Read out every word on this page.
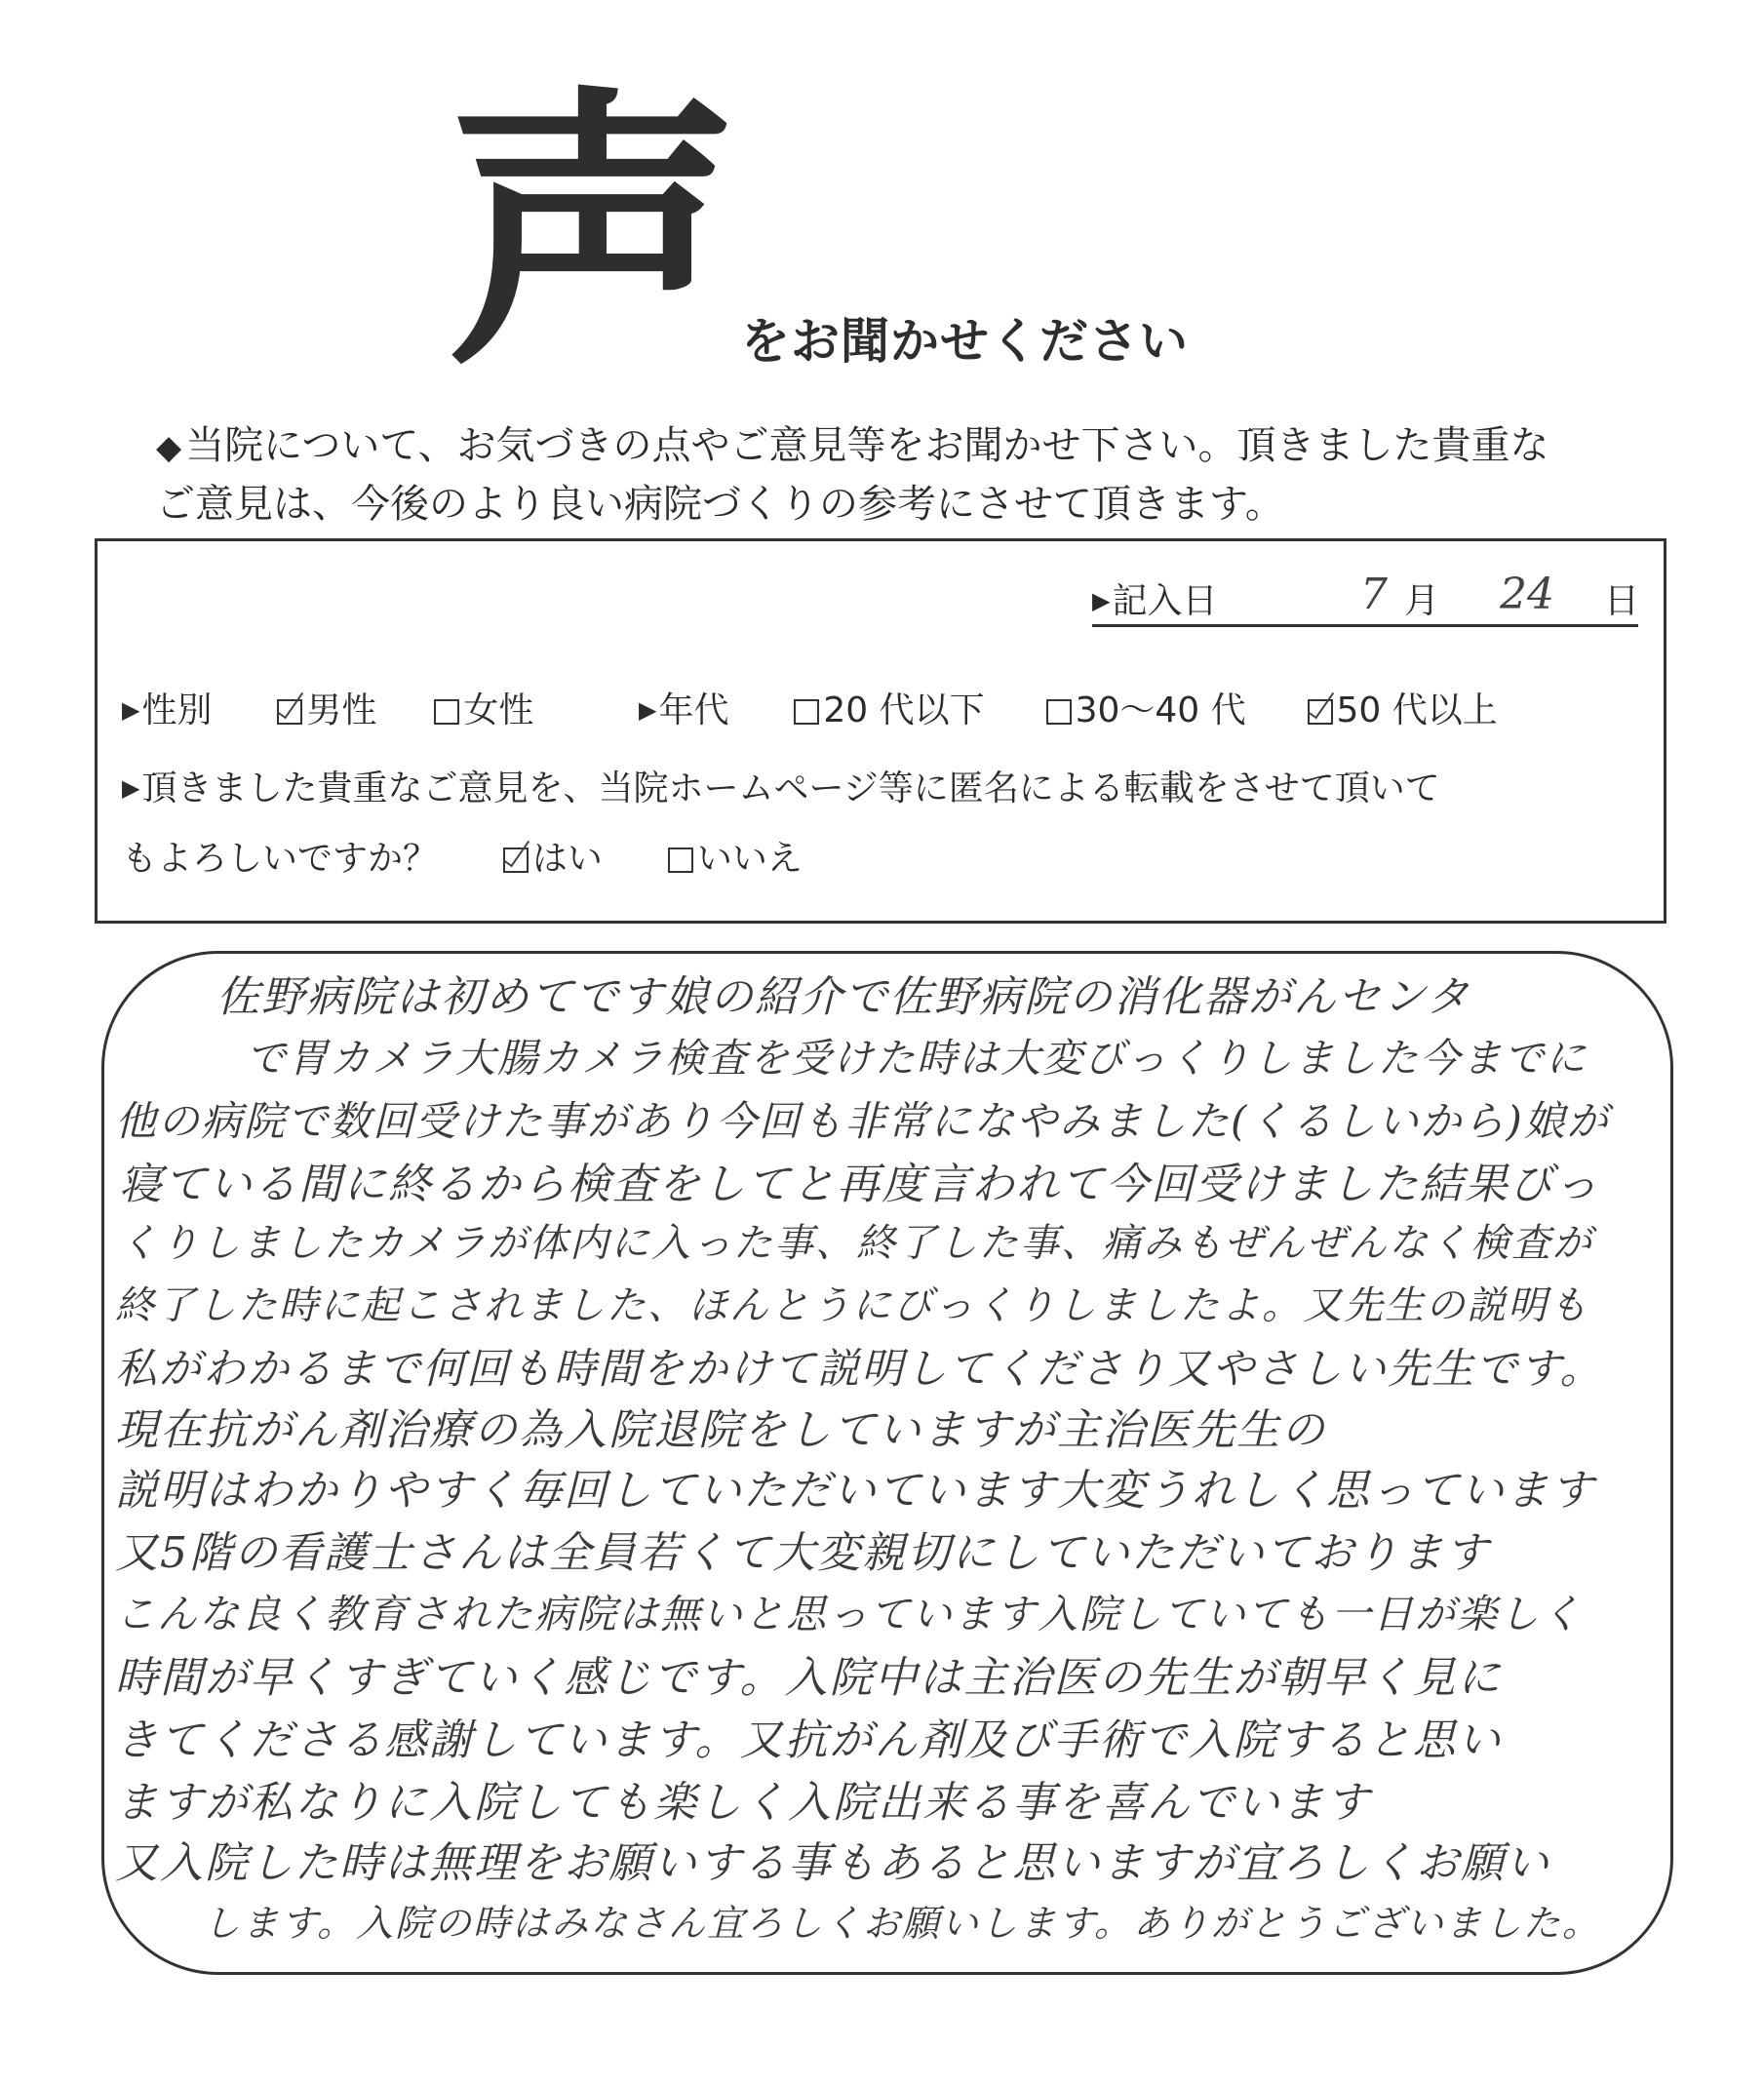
声 をお聞かせください
◆ 当院について、お気づきの点やご意見等をお聞かせ下さい。頂きました貴重な
ご意見は、今後のより良い病院づくりの参考にさせて頂きます。
▶記入日	7 月 24 日
▶性別	男性 女性	▶年代	20 代以下	30〜40 代	50 代以上
▶頂きました貴重なご意見を、当院ホームページ等に匿名による転載をさせて頂いて
もよろしいですか？	はい	いいえ

佐野病院は初めてです娘の紹介で佐野病院の消化器がんセンタ

で胃カメラ大腸カメラ検査を受けた時は大変びっくりしました今までに

他の病院で数回受けた事があり今回も非常になやみました(くるしいから)娘が

寝ている間に終るから検査をしてと再度言われて今回受けました結果びっ

くりしましたカメラが体内に入った事、終了した事、痛みもぜんぜんなく検査が

終了した時に起こされました、ほんとうにびっくりしましたよ。又先生の説明も

私がわかるまで何回も時間をかけて説明してくださり又やさしい先生です。

現在抗がん剤治療の為入院退院をしていますが主治医先生の

説明はわかりやすく毎回していただいています大変うれしく思っています

又5階の看護士さんは全員若くて大変親切にしていただいております

こんな良く教育された病院は無いと思っています入院していても一日が楽しく

時間が早くすぎていく感じです。入院中は主治医の先生が朝早く見に

きてくださる感謝しています。又抗がん剤及び手術で入院すると思い

ますが私なりに入院しても楽しく入院出来る事を喜んでいます

又入院した時は無理をお願いする事もあると思いますが宜ろしくお願い

します。入院の時はみなさん宜ろしくお願いします。ありがとうございました。
